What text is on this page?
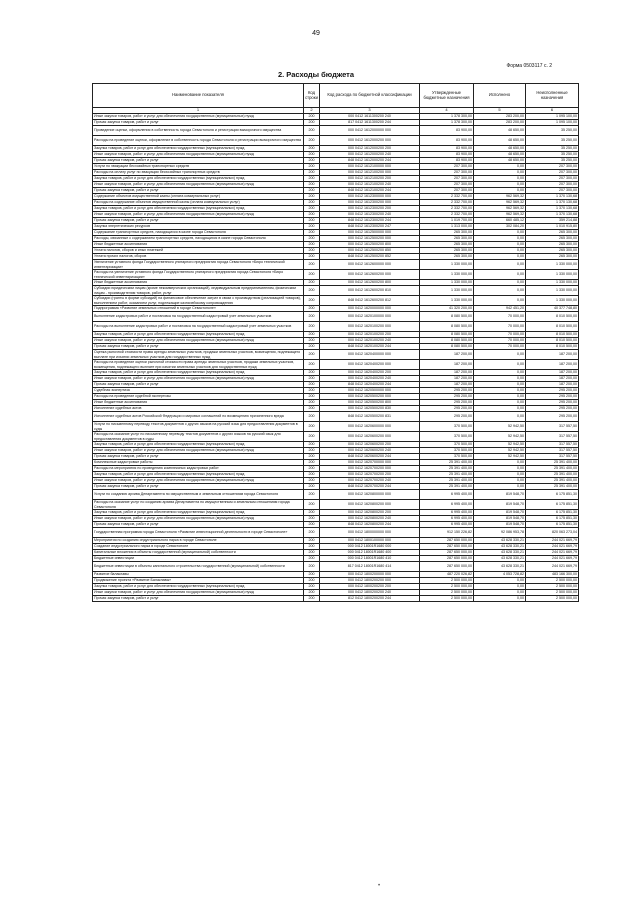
49
Форма 0503117 с. 2
2. Расходы бюджета
Наименование показателя	Код строки	Код расхода по бюджетной классификации	Утвержденные бюджетные назначения	Исполнено	Неисполненные назначения
1	2	3	4	5	6
Иные закупки товаров, работ и услуг для обеспечения государственных (муниципальных) нужд	200	000 0412 1611300200 240	1 378 300,00	283 200,00	1 095 100,00
Прочая закупка товаров, работ и услуг	200	817 0412 1611300200 244	1 378 300,00	283 200,00	1 095 100,00
Проведение оценки, оформления в собственность города Севастополя и регистрации выморочного имущества	200	000 0412 1612000000 000	83 900,00	48 650,00	35 250,00
Расходы на проведение оценки, оформление в собственность города Севастополя и регистрации выморочного имущества	200	000 0412 1612000200 000	83 900,00	48 650,00	35 250,00
Закупка товаров, работ и услуг для обеспечения государственных (муниципальных) нужд	200	000 0412 1612000200 200	83 900,00	48 650,00	35 250,00
Иные закупки товаров, работ и услуг для обеспечения государственных (муниципальных) нужд	200	000 0412 1612000200 240	83 900,00	48 650,00	35 250,00
Прочая закупка товаров, работ и услуг	200	848 0412 1612000200 244	83 900,00	48 650,00	35 250,00
Услуги по эвакуации бесхозяйных транспортных средств	200	000 0412 1612100000 000	207 300,00	0,00	207 300,00
Расходы на оплату услуг по эвакуации бесхозяйных транспортных средств	200	000 0412 1612100200 000	207 300,00	0,00	207 300,00
Закупка товаров, работ и услуг для обеспечения государственных (муниципальных) нужд	200	000 0412 1612100200 200	207 300,00	0,00	207 300,00
Иные закупки товаров, работ и услуг для обеспечения государственных (муниципальных) нужд	200	000 0412 1612100200 240	207 300,00	0,00	207 300,00
Прочая закупка товаров, работ и услуг	200	848 0412 1612100200 244	207 300,00	0,00	207 300,00
Содержание объектов имущественной казны (оплата коммунальных услуг)	200	000 0412 1612300000 000	2 332 700,00	962 569,32	1 370 130,68
Расходы на содержание объектов имущественной казны (оплата коммунальных услуг)	200	000 0412 1612300200 000	2 332 700,00	962 569,32	1 370 130,68
Закупка товаров, работ и услуг для обеспечения государственных (муниципальных) нужд	200	000 0412 1612300200 200	2 332 700,00	962 569,32	1 370 130,68
Иные закупки товаров, работ и услуг для обеспечения государственных (муниципальных) нужд	200	000 0412 1612300200 240	2 332 700,00	962 569,32	1 370 130,68
Прочая закупка товаров, работ и услуг	200	848 0412 1612300200 244	1 019 700,00	660 485,12	359 214,88
Закупка энергетических ресурсов	200	848 0412 1612300200 247	1 313 000,00	302 084,20	1 010 915,80
Содержание транспортных средств, находящихся в казне города Севастополя	200	000 0412 1612500000 000	265 300,00	0,00	265 300,00
Расходы, связанные с содержанием транспортных средств, находящихся в казне города Севастополя	200	000 0412 1612500200 000	265 300,00	0,00	265 300,00
Иные бюджетные ассигнования	200	000 0412 1612500200 800	265 300,00	0,00	265 300,00
Уплата налогов, сборов и иных платежей	200	000 0412 1612500200 850	265 300,00	0,00	265 300,00
Уплата прочих налогов, сборов	200	848 0412 1612500200 852	265 300,00	0,00	265 300,00
Увеличение уставного фонда Государственного унитарного предприятия города Севастополя «Бюро технической инвентаризации»	200	000 0412 1612600000 000	1 330 000,00	0,00	1 330 000,00
Расходы на увеличение уставного фонда Государственного унитарного предприятия города Севастополя «Бюро технической инвентаризации»	200	000 0412 1612600200 000	1 330 000,00	0,00	1 330 000,00
Иные бюджетные ассигнования	200	000 0412 1612600200 800	1 330 000,00	0,00	1 330 000,00
Субсидии юридическим лицам (кроме некоммерческих организаций), индивидуальным предпринимателям, физическим лицам - производителям товаров, работ, услуг	200	000 0412 1612600200 810	1 330 000,00	0,00	1 330 000,00
Субсидии (гранты в форме субсидий) на финансовое обеспечение затрат в связи с производством (реализацией товаров), выполнением работ, оказанием услуг, подлежащие казначейскому сопровождению	200	848 0412 1612600200 812	1 330 000,00	0,00	1 330 000,00
Подпрограмма «Развитие земельных отношений в городе Севастополе»	200	000 0412 1620000000 000	41 320 200,00	942 451,20	40 377 748,80
Выполнение кадастровых работ и постановка на государственный кадастровый учет земельных участков	200	000 0412 1620100000 000	8 080 500,00	70 000,00	8 010 500,00
Расходы на выполнение кадастровых работ и постановка на государственный кадастровый учет земельных участков	200	000 0412 1620100200 000	8 080 500,00	70 000,00	8 010 500,00
Закупка товаров, работ и услуг для обеспечения государственных (муниципальных) нужд	200	000 0412 1620100200 200	8 080 500,00	70 000,00	8 010 500,00
Иные закупки товаров, работ и услуг для обеспечения государственных (муниципальных) нужд	200	000 0412 1620100200 240	8 080 500,00	70 000,00	8 010 500,00
Прочая закупка товаров, работ и услуг	200	848 0412 1620100200 244	8 080 500,00	70 000,00	8 010 500,00
Оценка рыночной стоимости права аренды земельных участков, продажи земельных участков, возмещения, подлежащего выплате при изъятии земельных участков для государственных нужд	200	000 0412 1620400000 000	187 200,00	0,00	187 200,00
Расходы на проведение оценки рыночной стоимости права аренды земельных участков, продажи земельных участков, возмещения, подлежащего выплате при изъятии земельных участков для государственных нужд	200	000 0412 1620400200 000	187 200,00	0,00	187 200,00
Закупка товаров, работ и услуг для обеспечения государственных (муниципальных) нужд	200	000 0412 1620400200 200	187 200,00	0,00	187 200,00
Иные закупки товаров, работ и услуг для обеспечения государственных (муниципальных) нужд	200	000 0412 1620400200 240	187 200,00	0,00	187 200,00
Прочая закупка товаров, работ и услуг	200	848 0412 1620400200 244	187 200,00	0,00	187 200,00
Судебная экспертиза	200	000 0412 1620500000 000	295 200,00	0,00	295 200,00
Расходы на проведение судебной экспертизы	200	000 0412 1620500200 000	295 200,00	0,00	295 200,00
Иные бюджетные ассигнования	200	000 0412 1620500200 800	295 200,00	0,00	295 200,00
Исполнение судебных актов	200	000 0412 1620500200 830	295 200,00	0,00	295 200,00
Исполнение судебных актов Российской Федерации и мировых соглашений по возмещению причиненного вреда	200	848 0412 1620500200 831	295 200,00	0,00	295 200,00
Услуги по письменному переводу текстов документов с других языков на русский язык для предоставления документов в суды	200	000 0412 1620600000 000	370 500,00	52 942,50	317 557,50
Расходы на оказание услуг по письменному переводу текстов документов с других языков на русский язык для предоставления документов в суды	200	000 0412 1620600200 000	370 500,00	52 942,50	317 557,50
Закупка товаров, работ и услуг для обеспечения государственных (муниципальных) нужд	200	000 0412 1620600200 200	370 500,00	52 942,50	317 557,50
Иные закупки товаров, работ и услуг для обеспечения государственных (муниципальных) нужд	200	000 0412 1620600200 240	370 500,00	52 942,50	317 557,50
Прочая закупка товаров, работ и услуг	200	848 0412 1620600200 244	370 500,00	52 942,50	317 557,50
Комплексные кадастровые работы	200	000 0412 1620700000 000	25 391 400,00	0,00	25 391 400,00
Расходы на мероприятия по проведению комплексных кадастровых работ	200	000 0412 1620700200 000	25 391 400,00	0,00	25 391 400,00
Закупка товаров, работ и услуг для обеспечения государственных (муниципальных) нужд	200	000 0412 1620700200 200	25 391 400,00	0,00	25 391 400,00
Иные закупки товаров, работ и услуг для обеспечения государственных (муниципальных) нужд	200	000 0412 1620700200 240	25 391 400,00	0,00	25 391 400,00
Прочая закупка товаров, работ и услуг	200	848 0412 1620700200 244	25 391 400,00	0,00	25 391 400,00
Услуги по созданию архива Департамента по имущественным и земельным отношениям города Севастополя	200	000 0412 1620800000 000	6 995 400,00	819 548,70	6 175 851,30
Расходы на оказание услуг по созданию архива Департамента по имущественным и земельным отношениям города Севастополя	200	000 0412 1620800200 000	6 995 400,00	819 548,70	6 175 851,30
Закупка товаров, работ и услуг для обеспечения государственных (муниципальных) нужд	200	000 0412 1620800200 200	6 995 400,00	819 548,70	6 175 851,30
Иные закупки товаров, работ и услуг для обеспечения государственных (муниципальных) нужд	200	000 0412 1620800200 240	6 995 400,00	819 548,70	6 175 851,30
Прочая закупка товаров, работ и услуг	200	848 0412 1620800200 244	6 995 400,00	819 548,70	6 175 851,30
Государственная программа города Севастополя «Развитие инвестиционной деятельности в городе Севастополе»	200	000 0412 1800000000 000	912 150 226,82	92 086 953,78	820 063 273,04
Мероприятия по созданию индустриального парка в городе Севастополе	200	000 0412 1800100000 000	287 650 000,00	43 628 330,21	244 021 669,79
Создание индустриального парка в городе Севастополе	200	000 0412 18001R1680 000	287 650 000,00	43 628 330,21	244 021 669,79
Капитальные вложения в объекты государственной (муниципальной) собственности	200	000 0412 18001R1680 400	287 650 000,00	43 628 330,21	244 021 669,79
Бюджетные инвестиции	200	000 0412 18001R1680 410	287 650 000,00	43 628 330,21	244 021 669,79
Бюджетные инвестиции в объекты капитального строительства государственной (муниципальной) собственности	200	817 0412 18001R1680 414	287 650 000,00	43 628 330,21	244 021 669,79
Развитие балаклавы	200	000 0412 1800200000 000	487 220 026,82	4 053 728,82	483 166 300,00
Продвижение проекта «Развитие Балаклавы»	200	000 0412 1800200200 000	2 500 000,00	0,00	2 500 000,00
Закупка товаров, работ и услуг для обеспечения государственных (муниципальных) нужд	200	000 0412 1800200200 200	2 500 000,00	0,00	2 500 000,00
Иные закупки товаров, работ и услуг для обеспечения государственных (муниципальных) нужд	200	000 0412 1800200200 240	2 500 000,00	0,00	2 500 000,00
Прочая закупка товаров, работ и услуг	200	812 0412 1800200200 244	2 500 000,00	0,00	2 500 000,00
•
